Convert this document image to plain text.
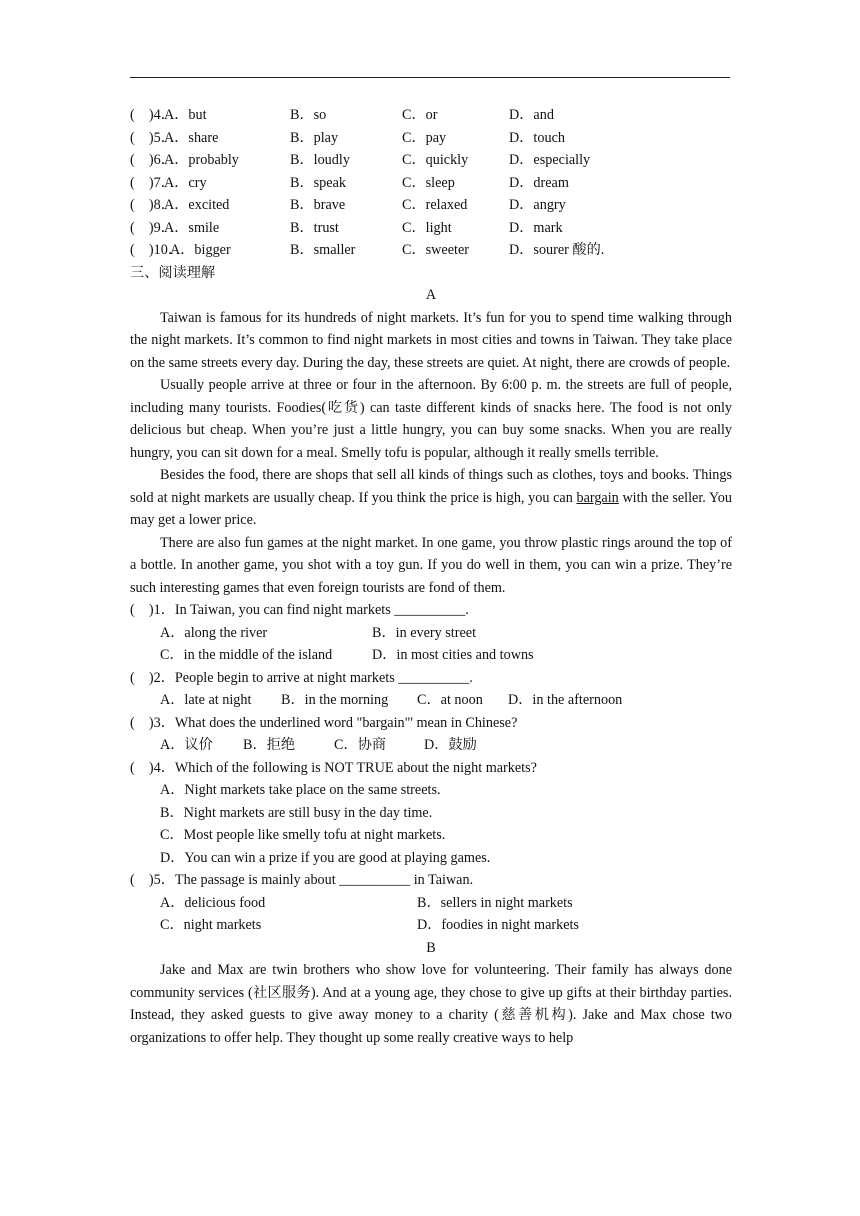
(　)4．
A．but	B．so	C．or	D．and
(　)5．
A．share	B．play	C．pay	D．touch
(　)6．
A．probably	B．loudly	C．quickly	D．especially
(　)7．
A．cry	B．speak	C．sleep	D．dream
(　)8．
A．excited	B．brave	C．relaxed	D．angry
(　)9．
A．smile	B．trust	C．light	D．mark
(　)10．
A．bigger	B．smaller	C．sweeter	D．sourer 酸的.
三、阅读理解
A

Taiwan is famous for its hundreds of night markets. It’s fun for you to spend time walking through the night markets. It’s common to find night markets in most cities and towns in Taiwan. They take place on the same streets every day. During the day, these streets are quiet. At night, there are crowds of people.

Usually people arrive at three or four in the afternoon. By 6:00 p. m. the streets are full of people, including many tourists. Foodies(吃货) can taste different kinds of snacks here. The food is not only delicious but cheap. When you’re just a little hungry, you can buy some snacks. When you are really hungry, you can sit down for a meal. Smelly tofu is popular, although it really smells terrible.

Besides the food, there are shops that sell all kinds of things such as clothes, toys and books. Things sold at night markets are usually cheap. If you think the price is high, you can bargain with the seller. You may get a lower price.

There are also fun games at the night market. In one game, you throw plastic rings around the top of a bottle. In another game, you shot with a toy gun. If you do well in them, you can win a prize. They’re such interesting games that even foreign tourists are fond of them.

(　)1．In Taiwan, you can find night markets __________.
A．along the river	B．in every street
C．in the middle of the island	D．in most cities and towns
(　)2．People begin to arrive at night markets __________.
A．late at night B．in the morning C．at noon D．in the afternoon
(　)3．What does the underlined word "bargain"' mean in Chinese?
A．议价 B．拒绝	C．协商	D．鼓励
(　)4．Which of the following is NOT TRUE about the night markets?
A．Night markets take place on the same streets.
B．Night markets are still busy in the day time.
C．Most people like smelly tofu at night markets.
D．You can win a prize if you are good at playing games.
(　)5．The passage is mainly about __________ in Taiwan.
A．delicious food	B．sellers in night markets
C．night markets	D．foodies in night markets
B

Jake and Max are twin brothers who show love for volunteering. Their family has always done community services (社区服务). And at a young age, they chose to give up gifts at their birthday parties. Instead, they asked guests to give away money to a charity (慈善机构). Jake and Max chose two organizations to offer help. They thought up some really creative ways to help
